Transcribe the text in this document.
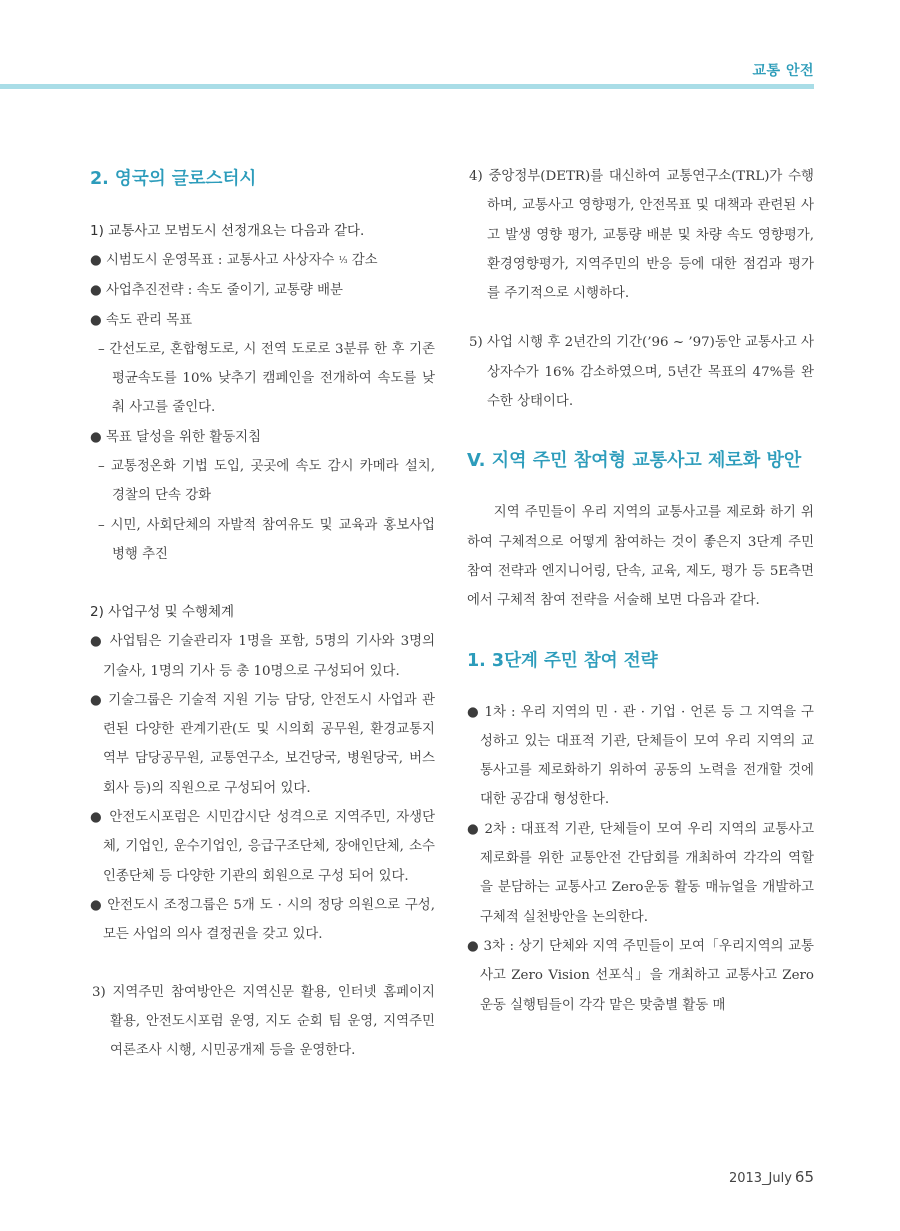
교통 안전
2. 영국의 글로스터시

1) 교통사고 모범도시 선정개요는 다음과 같다.

● 시범도시 운영목표 : 교통사고 사상자수 ⅓ 감소

● 사업추진전략 : 속도 줄이기, 교통량 배분

● 속도 관리 목표

– 간선도로, 혼합형도로, 시 전역 도로로 3분류 한 후 기존 평균속도를 10% 낮추기 캠페인을 전개하여 속도를 낮춰 사고를 줄인다.

● 목표 달성을 위한 활동지침

– 교통정온화 기법 도입, 곳곳에 속도 감시 카메라 설치, 경찰의 단속 강화

– 시민, 사회단체의 자발적 참여유도 및 교육과 홍보사업 병행 추진

2) 사업구성 및 수행체계

● 사업팀은 기술관리자 1명을 포함, 5명의 기사와 3명의 기술사, 1명의 기사 등 총 10명으로 구성되어 있다.

● 기술그룹은 기술적 지원 기능 담당, 안전도시 사업과 관련된 다양한 관계기관(도 및 시의회 공무원, 환경교통지역부 담당공무원, 교통연구소, 보건당국, 병원당국, 버스회사 등)의 직원으로 구성되어 있다.

● 안전도시포럼은 시민감시단 성격으로 지역주민, 자생단체, 기업인, 운수기업인, 응급구조단체, 장애인단체, 소수인종단체 등 다양한 기관의 회원으로 구성 되어 있다.

● 안전도시 조정그룹은 5개 도 · 시의 정당 의원으로 구성, 모든 사업의 의사 결정권을 갖고 있다.

3) 지역주민 참여방안은 지역신문 활용, 인터넷 홈페이지 활용, 안전도시포럼 운영, 지도 순회 팀 운영, 지역주민 여론조사 시행, 시민공개제 등을 운영한다.

4) 중앙정부(DETR)를 대신하여 교통연구소(TRL)가 수행하며, 교통사고 영향평가, 안전목표 및 대책과 관련된 사고 발생 영향 평가, 교통량 배분 및 차량 속도 영향평가, 환경영향평가, 지역주민의 반응 등에 대한 점검과 평가를 주기적으로 시행하다.

5) 사업 시행 후 2년간의 기간(’96 ~ ’97)동안 교통사고 사상자수가 16% 감소하였으며, 5년간 목표의 47%를 완수한 상태이다.

V. 지역 주민 참여형 교통사고 제로화 방안

지역 주민들이 우리 지역의 교통사고를 제로화 하기 위하여 구체적으로 어떻게 참여하는 것이 좋은지 3단계 주민 참여 전략과 엔지니어링, 단속, 교육, 제도, 평가 등 5E측면에서 구체적 참여 전략을 서술해 보면 다음과 같다.

1. 3단계 주민 참여 전략

● 1차 : 우리 지역의 민 · 관 · 기업 · 언론 등 그 지역을 구성하고 있는 대표적 기관, 단체들이 모여 우리 지역의 교통사고를 제로화하기 위하여 공동의 노력을 전개할 것에 대한 공감대 형성한다.

● 2차 : 대표적 기관, 단체들이 모여 우리 지역의 교통사고 제로화를 위한 교통안전 간담회를 개최하여 각각의 역할을 분담하는 교통사고 Zero운동 활동 매뉴얼을 개발하고 구체적 실천방안을 논의한다.

● 3차 : 상기 단체와 지역 주민들이 모여「우리지역의 교통사고 Zero Vision 선포식」을 개최하고 교통사고 Zero운동 실행팀들이 각각 맡은 맞춤별 활동 매

2013_July 65
